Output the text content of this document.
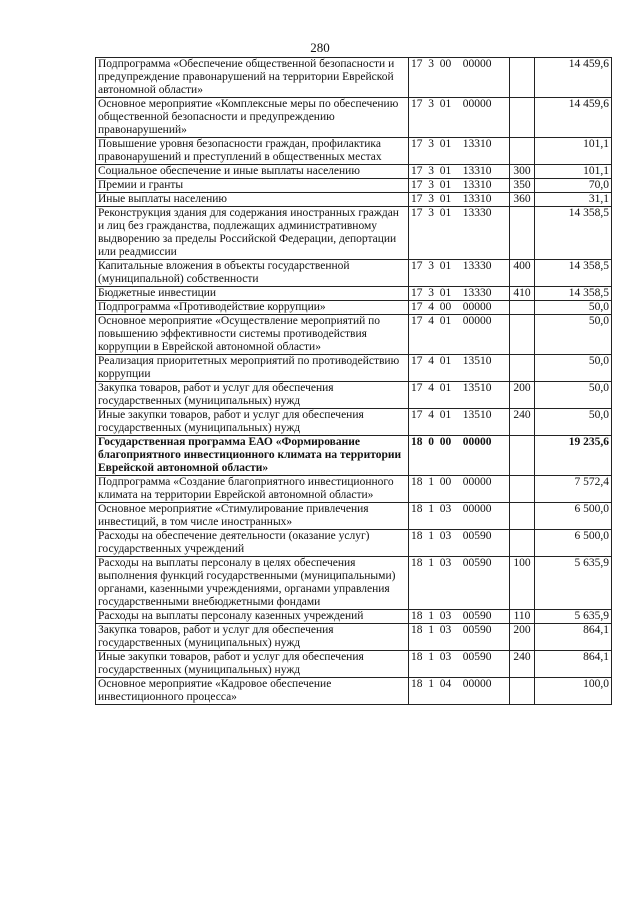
280
Подпрограмма «Обеспечение общественной безопасности и предупреждение правонарушений на территории Еврейской автономной области»	17  3  00    00000		14 459,6
Основное мероприятие «Комплексные меры по обеспечению общественной безопасности и предупреждению правонарушений»	17  3  01    00000		14 459,6
Повышение уровня безопасности граждан, профилактика правонарушений и преступлений в общественных местах	17  3  01    13310		101,1
Социальное обеспечение и иные выплаты населению	17  3  01    13310	300	101,1
Премии и гранты	17  3  01    13310	350	70,0
Иные выплаты населению	17  3  01    13310	360	31,1
Реконструкция здания для содержания иностранных граждан и лиц без гражданства, подлежащих административному выдворению за пределы Российской Федерации, депортации или реадмиссии	17  3  01    13330		14 358,5
Капитальные вложения в объекты государственной (муниципальной) собственности	17  3  01    13330	400	14 358,5
Бюджетные инвестиции	17  3  01    13330	410	14 358,5
Подпрограмма «Противодействие коррупции»	17  4  00    00000		50,0
Основное мероприятие «Осуществление мероприятий по повышению эффективности системы противодействия коррупции в Еврейской автономной области»	17  4  01    00000		50,0
Реализация приоритетных мероприятий по противодействию коррупции	17  4  01    13510		50,0
Закупка товаров, работ и услуг для обеспечения государственных (муниципальных) нужд	17  4  01    13510	200	50,0
Иные закупки товаров, работ и услуг для обеспечения государственных (муниципальных) нужд	17  4  01    13510	240	50,0
Государственная программа ЕАО «Формирование благоприятного инвестиционного климата на территории Еврейской автономной области»	18  0  00    00000		19 235,6
Подпрограмма «Создание благоприятного инвестиционного климата на территории Еврейской автономной области»	18  1  00    00000		7 572,4
Основное мероприятие «Стимулирование привлечения инвестиций, в том числе иностранных»	18  1  03    00000		6 500,0
Расходы на обеспечение деятельности (оказание услуг) государственных учреждений	18  1  03    00590		6 500,0
Расходы на выплаты персоналу в целях обеспечения выполнения функций государственными (муниципальными) органами, казенными учреждениями, органами управления государственными внебюджетными фондами	18  1  03    00590	100	5 635,9
Расходы на выплаты персоналу казенных учреждений	18  1  03    00590	110	5 635,9
Закупка товаров, работ и услуг для обеспечения государственных (муниципальных) нужд	18  1  03    00590	200	864,1
Иные закупки товаров, работ и услуг для обеспечения государственных (муниципальных) нужд	18  1  03    00590	240	864,1
Основное мероприятие «Кадровое обеспечение инвестиционного процесса»	18  1  04    00000		100,0
